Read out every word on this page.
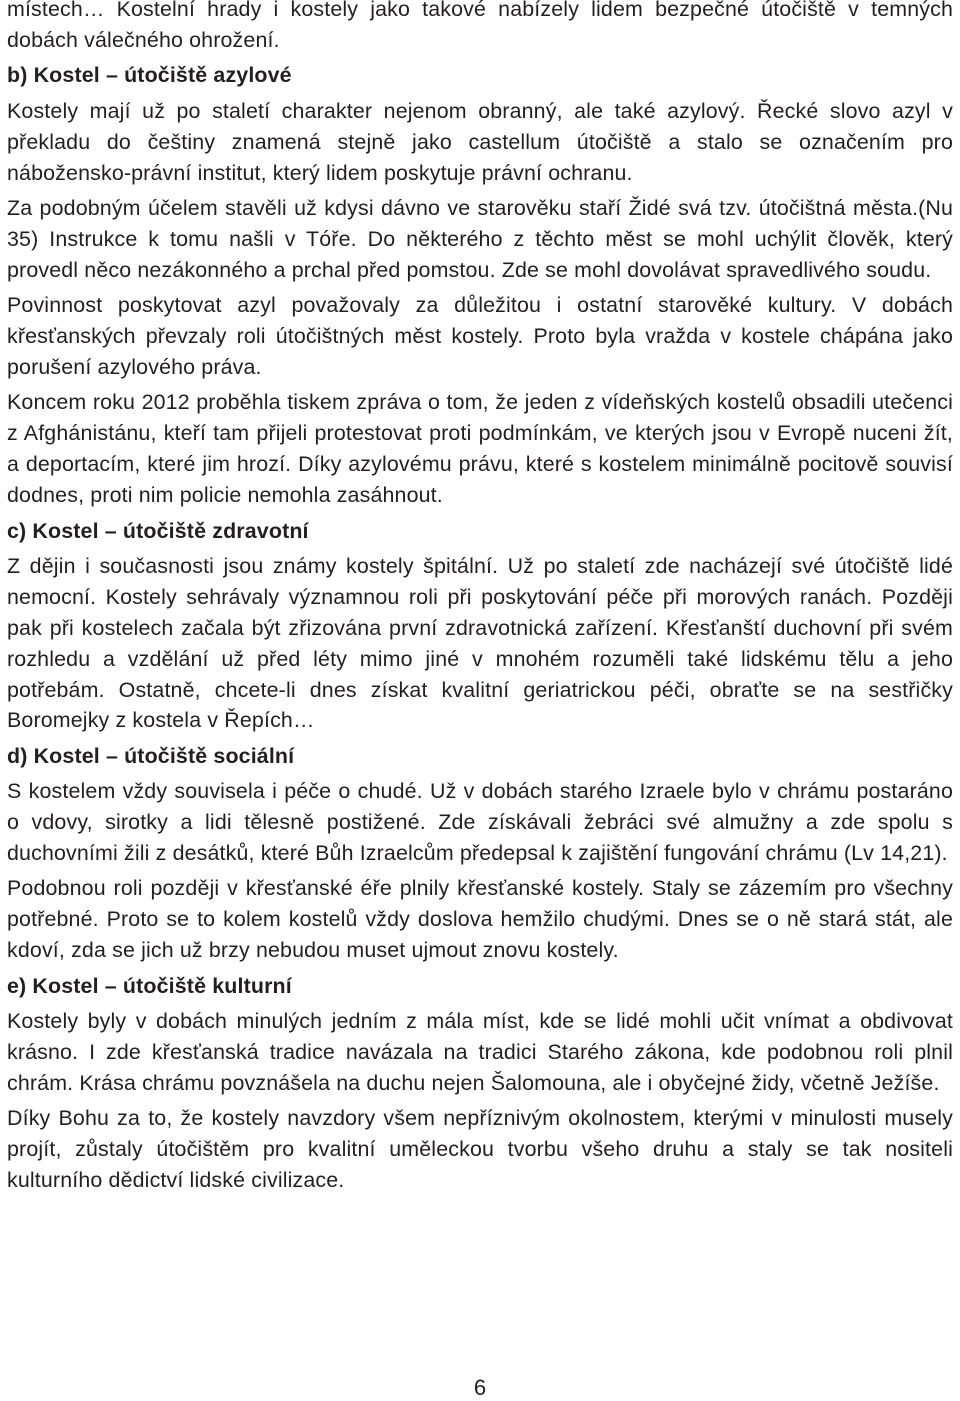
místech… Kostelní hrady i kostely jako takové nabízely lidem bezpečné útočiště v temných dobách válečného ohrožení.

b) Kostel – útočiště azylové

Kostely mají už po staletí charakter nejenom obranný, ale také azylový. Řecké slovo azyl v překladu do češtiny znamená stejně jako castellum útočiště a stalo se označením pro nábožensko-právní institut, který lidem poskytuje právní ochranu.

Za podobným účelem stavěli už kdysi dávno ve starověku staří Židé svá tzv. útočištná města.(Nu 35) Instrukce k tomu našli v Tóře. Do některého z těchto měst se mohl uchýlit člověk, který provedl něco nezákonného a prchal před pomstou. Zde se mohl dovolávat spravedlivého soudu.

Povinnost poskytovat azyl považovaly za důležitou i ostatní starověké kultury. V dobách křesťanských převzaly roli útočištných měst kostely. Proto byla vražda v kostele chápána jako porušení azylového práva.

Koncem roku 2012 proběhla tiskem zpráva o tom, že jeden z vídeňských kostelů obsadili utečenci z Afghánistánu, kteří tam přijeli protestovat proti podmínkám, ve kterých jsou v Evropě nuceni žít, a deportacím, které jim hrozí. Díky azylovému právu, které s kostelem minimálně pocitově souvisí dodnes, proti nim policie nemohla zasáhnout.

c) Kostel – útočiště zdravotní

Z dějin i současnosti jsou známy kostely špitální. Už po staletí zde nacházejí své útočiště lidé nemocní. Kostely sehrávaly významnou roli při poskytování péče při morových ranách. Později pak při kostelech začala být zřizována první zdravotnická zařízení. Křesťanští duchovní při svém rozhledu a vzdělání už před léty mimo jiné v mnohém rozuměli také lidskému tělu a jeho potřebám. Ostatně, chcete-li dnes získat kvalitní geriatrickou péči, obraťte se na sestřičky Boromejky z kostela v Řepích…

d) Kostel – útočiště sociální

S kostelem vždy souvisela i péče o chudé. Už v dobách starého Izraele bylo v chrámu postaráno o vdovy, sirotky a lidi tělesně postižené. Zde získávali žebráci své almužny a zde spolu s duchovními žili z desátků, které Bůh Izraelcům předepsal k zajištění fungování chrámu (Lv 14,21).

Podobnou roli později v křesťanské éře plnily křesťanské kostely. Staly se zázemím pro všechny potřebné. Proto se to kolem kostelů vždy doslova hemžilo chudými. Dnes se o ně stará stát, ale kdoví, zda se jich už brzy nebudou muset ujmout znovu kostely.

e) Kostel – útočiště kulturní

Kostely byly v dobách minulých jedním z mála míst, kde se lidé mohli učit vnímat a obdivovat krásno. I zde křesťanská tradice navázala na tradici Starého zákona, kde podobnou roli plnil chrám. Krása chrámu povznášela na duchu nejen Šalomouna, ale i obyčejné židy, včetně Ježíše.

Díky Bohu za to, že kostely navzdory všem nepříznivým okolnostem, kterými v minulosti musely projít, zůstaly útočištěm pro kvalitní uměleckou tvorbu všeho druhu a staly se tak nositeli kulturního dědictví lidské civilizace.

6
